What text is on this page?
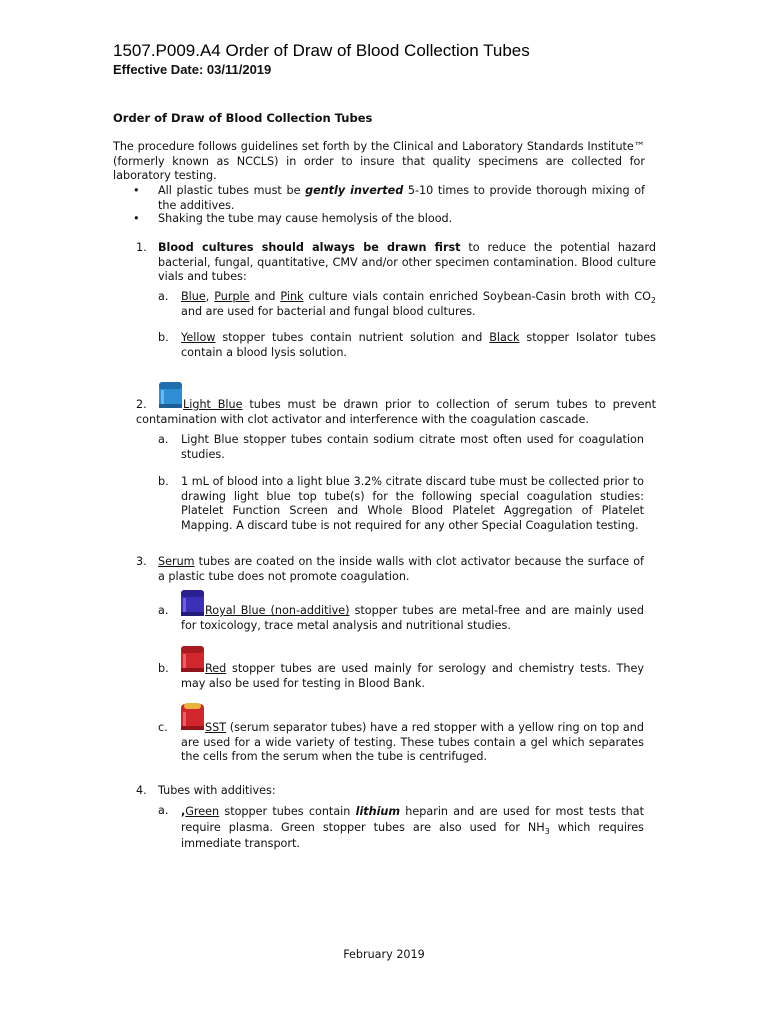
1507.P009.A4 Order of Draw of Blood Collection Tubes
Effective Date: 03/11/2019
Order of Draw of Blood Collection Tubes
The procedure follows guidelines set forth by the Clinical and Laboratory Standards Institute™ (formerly known as NCCLS) in order to insure that quality specimens are collected for laboratory testing.
• All plastic tubes must be gently inverted 5-10 times to provide thorough mixing of the additives.
• Shaking the tube may cause hemolysis of the blood.
1. Blood cultures should always be drawn first to reduce the potential hazard bacterial, fungal, quantitative, CMV and/or other specimen contamination. Blood culture vials and tubes:
a. Blue, Purple and Pink culture vials contain enriched Soybean-Casin broth with $CO_2$ and are used for bacterial and fungal blood cultures.
b. Yellow stopper tubes contain nutrient solution and Black stopper Isolator tubes contain a blood lysis solution.
2.	Light Blue tubes must be drawn prior to collection of serum tubes to prevent contamination with clot activator and interference with the coagulation cascade.
a. Light Blue stopper tubes contain sodium citrate most often used for coagulation studies.
b. 1 mL of blood into a light blue 3.2% citrate discard tube must be collected prior to drawing light blue top tube(s) for the following special coagulation studies: Platelet Function Screen and Whole Blood Platelet Aggregation of Platelet Mapping. A discard tube is not required for any other Special Coagulation testing.
3. Serum tubes are coated on the inside walls with clot activator because the surface of a plastic tube does not promote coagulation.
a.	Royal Blue (non-additive) stopper tubes are metal-free and are mainly used for toxicology, trace metal analysis and nutritional studies.
b.	Red stopper tubes are used mainly for serology and chemistry tests. They may also be used for testing in Blood Bank.
c.	SST (serum separator tubes) have a red stopper with a yellow ring on top and are used for a wide variety of testing. These tubes contain a gel which separates the cells from the serum when the tube is centrifuged.
4. Tubes with additives:
a. ,Green stopper tubes contain lithium heparin and are used for most tests that require plasma. Green stopper tubes are also used for $NH_3$ which requires immediate transport.
February 2019
